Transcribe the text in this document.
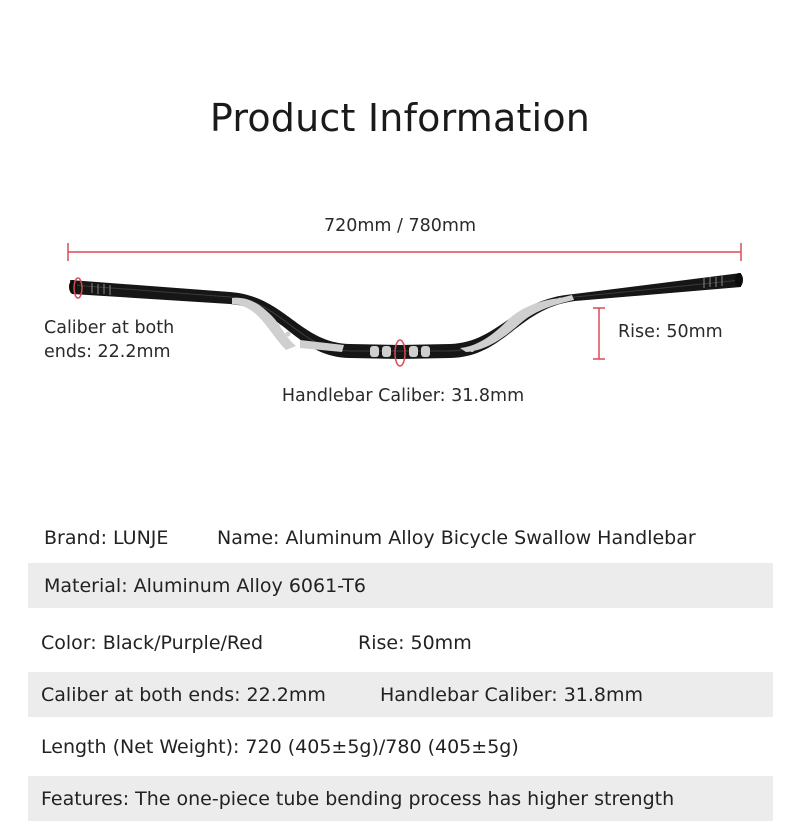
Product Information
720mm / 780mm
Caliber at both
ends: 22.2mm
Rise: 50mm
Handlebar Caliber: 31.8mm
Brand: LUNJE	Name: Aluminum Alloy Bicycle Swallow Handlebar
Material: Aluminum Alloy 6061-T6
Color: Black/Purple/Red	Rise: 50mm
Caliber at both ends: 22.2mm	Handlebar Caliber: 31.8mm
Length (Net Weight): 720 (405±5g)/780 (405±5g)
Features: The one-piece tube bending process has higher strength
